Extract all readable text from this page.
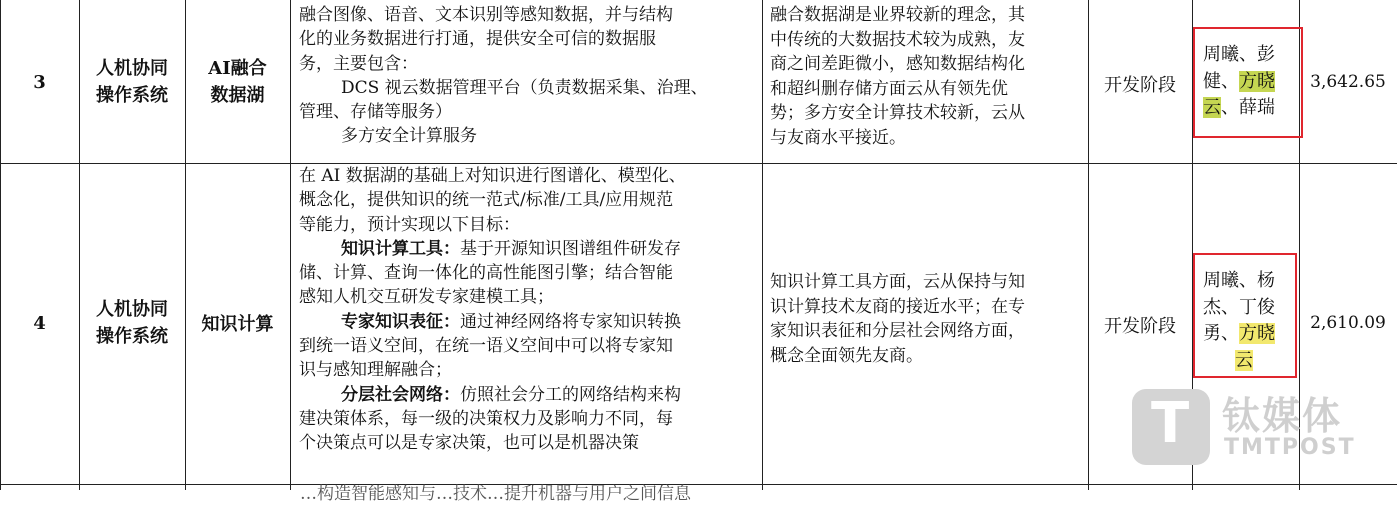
3
人机协同
操作系统
AI融合
数据湖

融合图像、语音、文本识别等感知数据，并与结构

化的业务数据进行打通，提供安全可信的数据服

务，主要包含：

DCS 视云数据管理平台（负责数据采集、治理、

管理、存储等服务）

多方安全计算服务

融合数据湖是业界较新的理念，其
中传统的大数据技术较为成熟，友
商之间差距微小，感知数据结构化
和超纠删存储方面云从有领先优
势；多方安全计算技术较新，云从
与友商水平接近。
开发阶段
周曦、彭
健、方晓
云、薛瑞
3,642.65
4
人机协同
操作系统
知识计算

在 AI 数据湖的基础上对知识进行图谱化、模型化、

概念化，提供知识的统一范式/标准/工具/应用规范

等能力，预计实现以下目标：

知识计算工具：基于开源知识图谱组件研发存

储、计算、查询一体化的高性能图引擎；结合智能

感知人机交互研发专家建模工具；

专家知识表征：通过神经网络将专家知识转换

到统一语义空间，在统一语义空间中可以将专家知

识与感知理解融合；

分层社会网络：仿照社会分工的网络结构来构

建决策体系，每一级的决策权力及影响力不同，每

个决策点可以是专家决策，也可以是机器决策

知识计算工具方面，云从保持与知
识计算技术友商的接近水平；在专
家知识表征和分层社会网络方面，
概念全面领先友商。
开发阶段
周曦、杨
杰、丁俊
勇、方晓
云
2,610.09
…构造智能感知与…技术…提升机器与用户之间信息
T 钛媒体
TMTPOST
